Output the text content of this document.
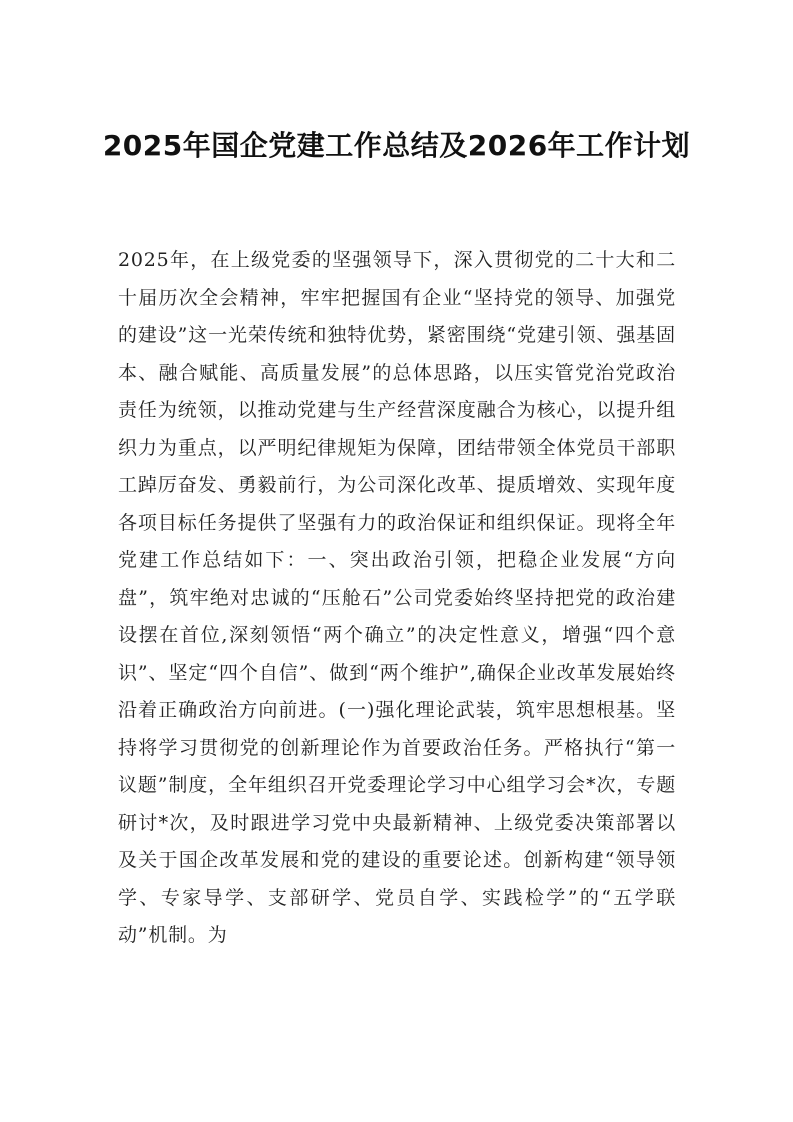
2025年国企党建工作总结及2026年工作计划

2025年，在上级党委的坚强领导下，深入贯彻党的二十大和二十届历次全会精神，牢牢把握国有企业“坚持党的领导、加强党的建设”这一光荣传统和独特优势，紧密围绕“党建引领、强基固本、融合赋能、高质量发展”的总体思路，以压实管党治党政治责任为统领，以推动党建与生产经营深度融合为核心，以提升组织力为重点，以严明纪律规矩为保障，团结带领全体党员干部职工踔厉奋发、勇毅前行，为公司深化改革、提质增效、实现年度各项目标任务提供了坚强有力的政治保证和组织保证。现将全年党建工作总结如下：一、突出政治引领，把稳企业发展“方向盘”，筑牢绝对忠诚的“压舱石”公司党委始终坚持把党的政治建设摆在首位,深刻领悟“两个确立”的决定性意义，增强“四个意识”、坚定“四个自信”、做到“两个维护”,确保企业改革发展始终沿着正确政治方向前进。(一)强化理论武装，筑牢思想根基。坚持将学习贯彻党的创新理论作为首要政治任务。严格执行“第一议题”制度，全年组织召开党委理论学习中心组学习会*次，专题研讨*次，及时跟进学习党中央最新精神、上级党委决策部署以及关于国企改革发展和党的建设的重要论述。创新构建“领导领学、专家导学、支部研学、党员自学、实践检学”的“五学联动”机制。为
